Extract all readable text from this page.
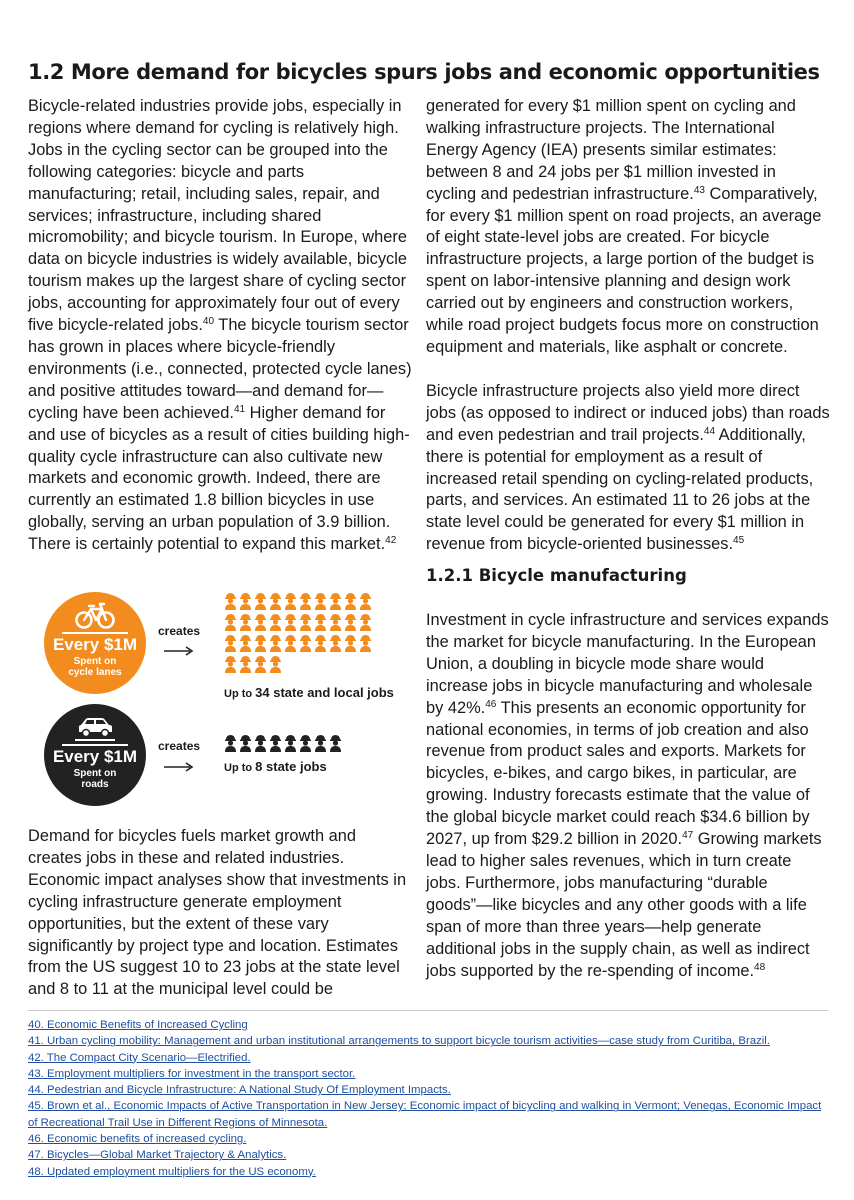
1.2 More demand for bicycles spurs jobs and economic opportunities

Bicycle-related industries provide jobs, especially in regions where demand for cycling is relatively high. Jobs in the cycling sector can be grouped into the following categories: bicycle and parts manufacturing; retail, including sales, repair, and services; infrastructure, including shared micromobility; and bicycle tourism. In Europe, where data on bicycle industries is widely available, bicycle tourism makes up the largest share of cycling sector jobs, accounting for approximately four out of every five bicycle-related jobs.$^{40}$ The bicycle tourism sector has grown in places where bicycle-friendly environments (i.e., connected, protected cycle lanes) and positive attitudes toward—and demand for—cycling have been achieved.$^{41}$ Higher demand for and use of bicycles as a result of cities building high-quality cycle infrastructure can also cultivate new markets and economic growth. Indeed, there are currently an estimated 1.8 billion bicycles in use globally, serving an urban population of 3.9 billion. There is certainly potential to expand this market.$^{42}$

Every $1M
Spent on
cycle lanes
creates
Up to 34 state and local jobs
Every $1M
Spent on
roads
creates
Up to 8 state jobs

Demand for bicycles fuels market growth and creates jobs in these and related industries. Economic impact analyses show that investments in cycling infrastructure generate employment opportunities, but the extent of these vary significantly by project type and location. Estimates from the US suggest 10 to 23 jobs at the state level and 8 to 11 at the municipal level could be

generated for every $1 million spent on cycling and walking infrastructure projects. The International Energy Agency (IEA) presents similar estimates: between 8 and 24 jobs per $1 million invested in cycling and pedestrian infrastructure.$^{43}$ Comparatively, for every $1 million spent on road projects, an average of eight state-level jobs are created. For bicycle infrastructure projects, a large portion of the budget is spent on labor-intensive planning and design work carried out by engineers and construction workers, while road project budgets focus more on construction equipment and materials, like asphalt or concrete.

Bicycle infrastructure projects also yield more direct jobs (as opposed to indirect or induced jobs) than roads and even pedestrian and trail projects.$^{44}$ Additionally, there is potential for employment as a result of increased retail spending on cycling-related products, parts, and services. An estimated 11 to 26 jobs at the state level could be generated for every $1 million in revenue from bicycle-oriented businesses.$^{45}$

1.2.1 Bicycle manufacturing

Investment in cycle infrastructure and services expands the market for bicycle manufacturing. In the European Union, a doubling in bicycle mode share would increase jobs in bicycle manufacturing and wholesale by 42%.$^{46}$ This presents an economic opportunity for national economies, in terms of job creation and also revenue from product sales and exports. Markets for bicycles, e-bikes, and cargo bikes, in particular, are growing. Industry forecasts estimate that the value of the global bicycle market could reach $34.6 billion by 2027, up from $29.2 billion in 2020.47 Growing markets lead to higher sales revenues, which in turn create jobs. Furthermore, jobs manufacturing “durable goods”—like bicycles and any other goods with a life span of more than three years—help generate additional jobs in the supply chain, as well as indirect jobs supported by the re-spending of income.$^{48}$

40. Economic Benefits of Increased Cycling
41. Urban cycling mobility: Management and urban institutional arrangements to support bicycle tourism activities—case study from Curitiba, Brazil.
42. The Compact City Scenario—Electrified.
43. Employment multipliers for investment in the transport sector.
44. Pedestrian and Bicycle Infrastructure: A National Study Of Employment Impacts.
45. Brown et al., Economic Impacts of Active Transportation in New Jersey; Economic impact of bicycling and walking in Vermont; Venegas, Economic Impact of Recreational Trail Use in Different Regions of Minnesota.
46. Economic benefits of increased cycling.
47. Bicycles—Global Market Trajectory & Analytics.
48. Updated employment multipliers for the US economy.
